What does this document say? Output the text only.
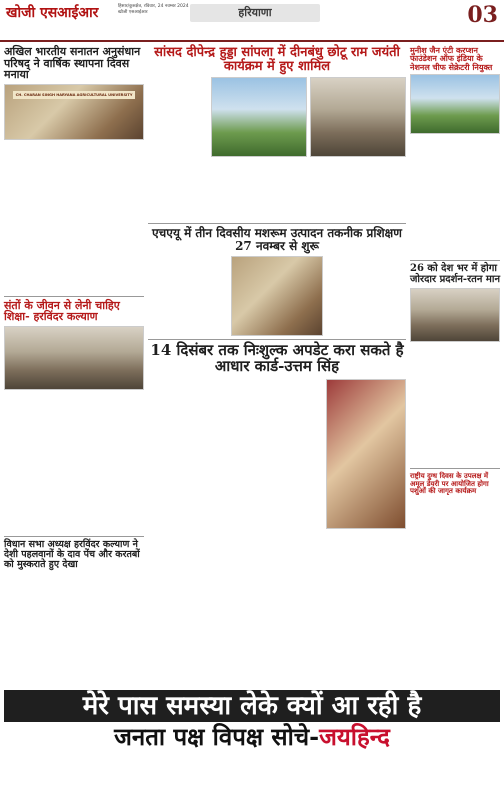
खोजी एसआईआर	हिसार/कुरुक्षेत्र, रविवार, 24 नवम्बर 2024
खोजी एसआईआर	हरियाणा	03
अखिल भारतीय सनातन अनुसंधान परिषद् ने वार्षिक स्थापना दिवस मनाया
CH. CHARAN SINGH HARYANA AGRICULTURAL UNIVERSITY
संतों के जीवन से लेनी चाहिए शिक्षा- हरविंदर कल्याण
विधान सभा अध्यक्ष हरविंदर कल्याण ने देशी पहलवानों के दाव पेंच और करतबों को मुस्कराते हुए देखा
सांसद दीपेन्द्र हुड्डा सांपला में दीनबंधु छोटू राम जयंती कार्यक्रम में हुए शामिल
एचएयू में तीन दिवसीय मशरूम उत्पादन तकनीक प्रशिक्षण 27 नवम्बर से शुरू
14 दिसंबर तक निःशुल्क अपडेट करा सकते है आधार कार्ड-उत्तम सिंह
मुनीश जैन एंटी करप्शन फाउंडेशन ऑफ इंडिया के नेशनल चीफ सेक्रेटरी नियुक्त
26 को देश भर में होगा जोरदार प्रदर्शन-रतन मान
राष्ट्रीय दुग्ध दिवस के उपलक्ष में अमूल डेयरी पर आयोजित होगा पशुओं की जागृत कार्यक्रम
मेरे पास समस्या लेके क्यों आ रही है
जनता पक्ष विपक्ष सोचे-जयहिन्द
